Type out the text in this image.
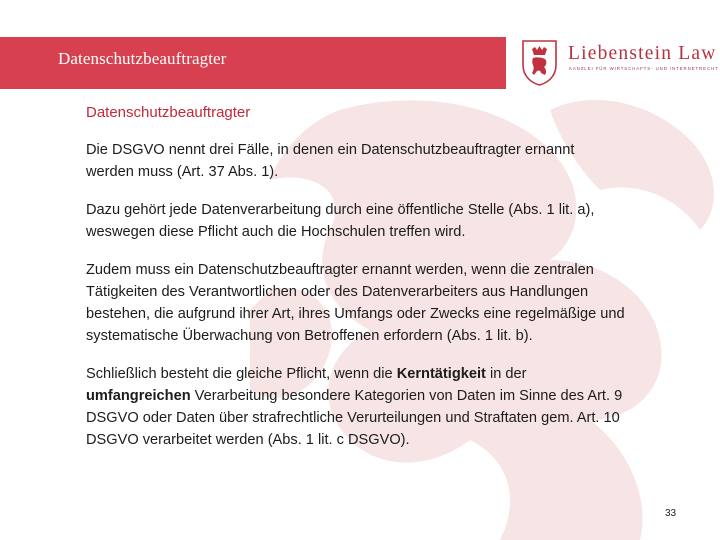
Datenschutzbeauftragter	Liebenstein Law
KANZLEI FÜR WIRTSCHAFTS- UND INTERNETRECHT
Datenschutzbeauftragter

Die DSGVO nennt drei Fälle, in denen ein Datenschutzbeauftragter ernannt werden muss (Art. 37 Abs. 1).

Dazu gehört jede Datenverarbeitung durch eine öffentliche Stelle (Abs. 1 lit. a), weswegen diese Pflicht auch die Hochschulen treffen wird.

Zudem muss ein Datenschutzbeauftragter ernannt werden, wenn die zentralen Tätigkeiten des Verantwortlichen oder des Datenverarbeiters aus Handlungen bestehen, die aufgrund ihrer Art, ihres Umfangs oder Zwecks eine regelmäßige und systematische Überwachung von Betroffenen erfordern (Abs. 1 lit. b).

Schließlich besteht die gleiche Pflicht, wenn die Kerntätigkeit in der umfangreichen Verarbeitung besondere Kategorien von Daten im Sinne des Art. 9 DSGVO oder Daten über strafrechtliche Verurteilungen und Straftaten gem. Art. 10 DSGVO verarbeitet werden (Abs. 1 lit. c DSGVO).

33
